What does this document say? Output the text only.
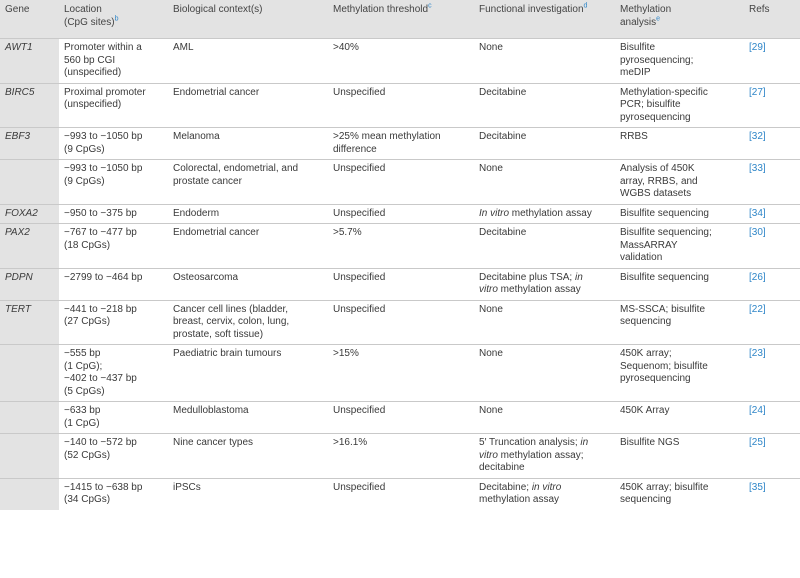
Gene	Location
(CpG sites)$^b$	Biological context(s)	Methylation threshold$^c$	Functional investigation$^d$	Methylation
analysis$^e$	Refs
AWT1	Promoter within a
560 bp CGI
(unspecified)	AML	>40%	None	Bisulfite
pyrosequencing;
meDIP	[29]
BIRC5	Proximal promoter
(unspecified)	Endometrial cancer	Unspecified	Decitabine	Methylation-specific
PCR; bisulfite
pyrosequencing	[27]
EBF3	−993 to −1050 bp
(9 CpGs)	Melanoma	>25% mean methylation
difference	Decitabine	RRBS	[32]
	−993 to −1050 bp
(9 CpGs)	Colorectal, endometrial, and
prostate cancer	Unspecified	None	Analysis of 450K
array, RRBS, and
WGBS datasets	[33]
FOXA2	−950 to −375 bp	Endoderm	Unspecified	In vitro methylation assay	Bisulfite sequencing	[34]
PAX2	−767 to −477 bp
(18 CpGs)	Endometrial cancer	>5.7%	Decitabine	Bisulfite sequencing;
MassARRAY
validation	[30]
PDPN	−2799 to −464 bp	Osteosarcoma	Unspecified	Decitabine plus TSA; in
vitro methylation assay	Bisulfite sequencing	[26]
TERT	−441 to −218 bp
(27 CpGs)	Cancer cell lines (bladder,
breast, cervix, colon, lung,
prostate, soft tissue)	Unspecified	None	MS-SSCA; bisulfite
sequencing	[22]
	−555 bp
(1 CpG);
−402 to −437 bp
(5 CpGs)	Paediatric brain tumours	>15%	None	450K array;
Sequenom; bisulfite
pyrosequencing	[23]
	−633 bp
(1 CpG)	Medulloblastoma	Unspecified	None	450K Array	[24]
	−140 to −572 bp
(52 CpGs)	Nine cancer types	>16.1%	5′ Truncation analysis; in
vitro methylation assay;
decitabine	Bisulfite NGS	[25]
	−1415 to −638 bp
(34 CpGs)	iPSCs	Unspecified	Decitabine; in vitro
methylation assay	450K array; bisulfite
sequencing	[35]
